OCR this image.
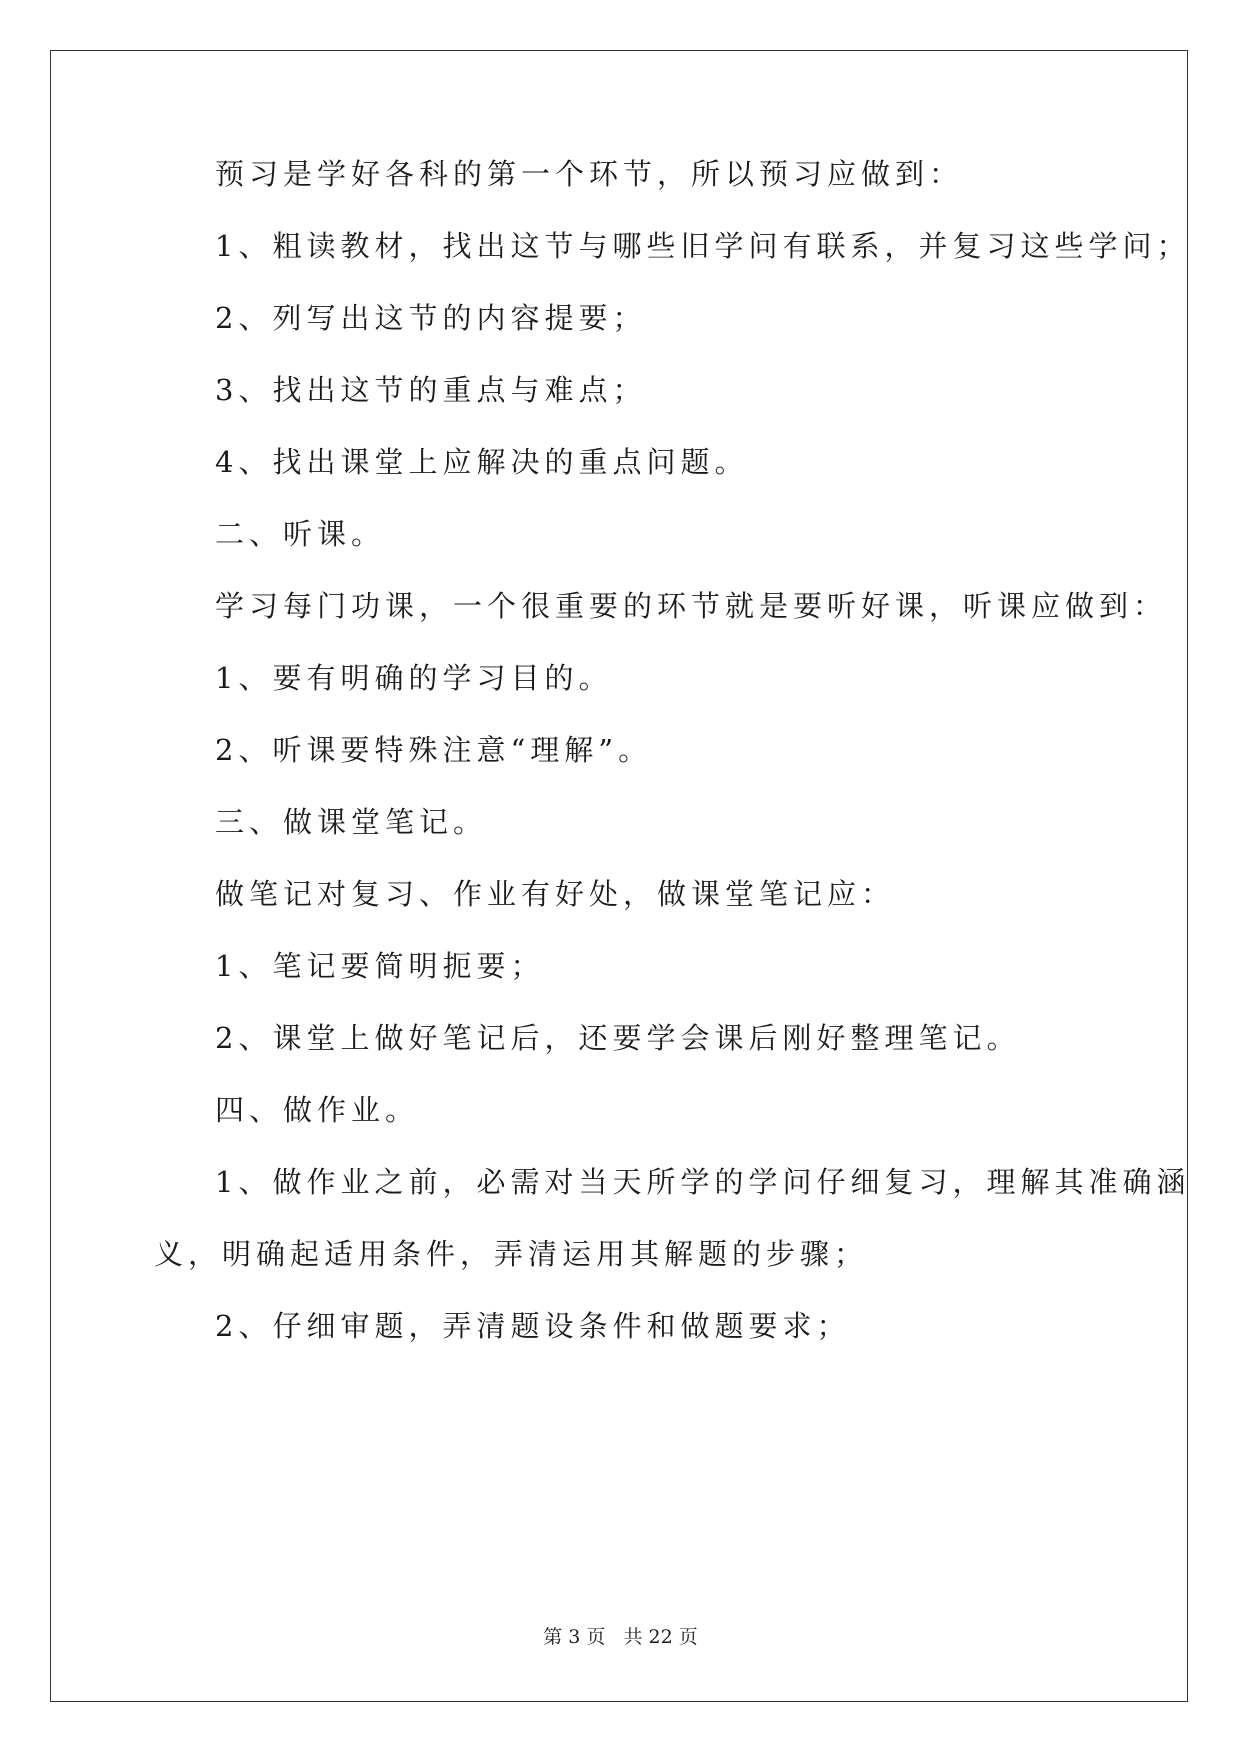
预习是学好各科的第一个环节，所以预习应做到：
1、粗读教材，找出这节与哪些旧学问有联系，并复习这些学问；
2、列写出这节的内容提要；
3、找出这节的重点与难点；
4、找出课堂上应解决的重点问题。
二、听课。
学习每门功课，一个很重要的环节就是要听好课，听课应做到：
1、要有明确的学习目的。
2、听课要特殊注意“理解”。
三、做课堂笔记。
做笔记对复习、作业有好处，做课堂笔记应：
1、笔记要简明扼要；
2、课堂上做好笔记后，还要学会课后刚好整理笔记。
四、做作业。
1、做作业之前，必需对当天所学的学问仔细复习，理解其准确涵
义，明确起适用条件，弄清运用其解题的步骤；
2、仔细审题，弄清题设条件和做题要求；
第 3 页 共 22 页
